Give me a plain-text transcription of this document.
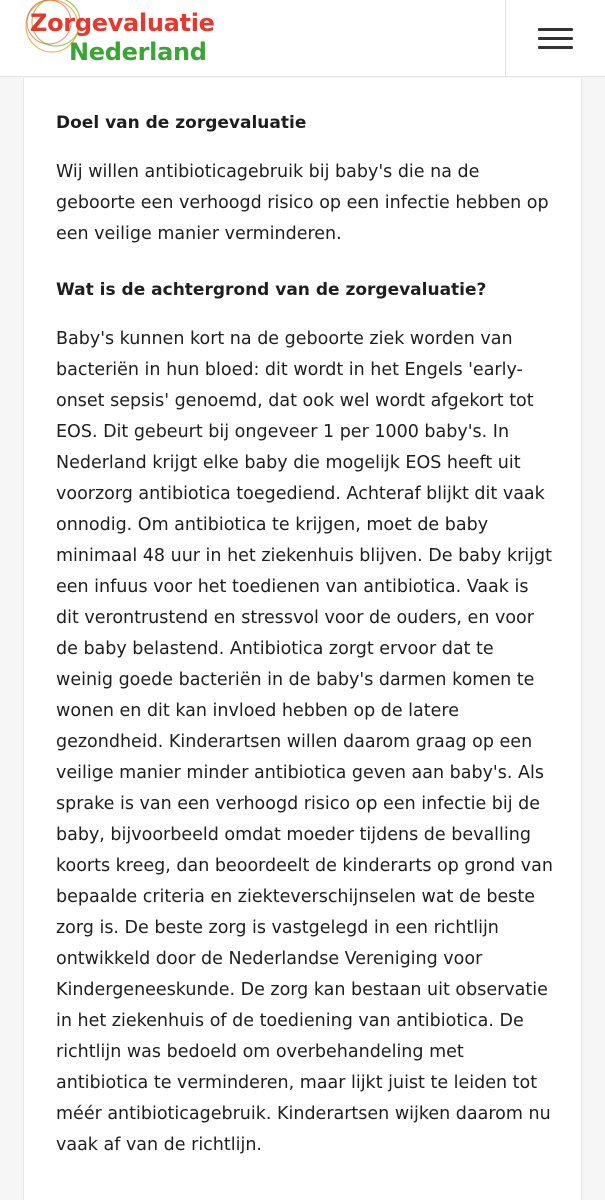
Zorgevaluatie
Nederland
Doel van de zorgevaluatie

Wij willen antibioticagebruik bij baby's die na de geboorte een verhoogd risico op een infectie hebben op een veilige manier verminderen.

Wat is de achtergrond van de zorgevaluatie?

Baby's kunnen kort na de geboorte ziek worden van bacteriën in hun bloed: dit wordt in het Engels 'early-onset sepsis' genoemd, dat ook wel wordt afgekort tot EOS. Dit gebeurt bij ongeveer 1 per 1000 baby's. In Nederland krijgt elke baby die mogelijk EOS heeft uit voorzorg antibiotica toegediend. Achteraf blijkt dit vaak onnodig. Om antibiotica te krijgen, moet de baby minimaal 48 uur in het ziekenhuis blijven. De baby krijgt een infuus voor het toedienen van antibiotica. Vaak is dit verontrustend en stressvol voor de ouders, en voor de baby belastend. Antibiotica zorgt ervoor dat te weinig goede bacteriën in de baby's darmen komen te wonen en dit kan invloed hebben op de latere gezondheid. Kinderartsen willen daarom graag op een veilige manier minder antibiotica geven aan baby's. Als sprake is van een verhoogd risico op een infectie bij de baby, bijvoorbeeld omdat moeder tijdens de bevalling koorts kreeg, dan beoordeelt de kinderarts op grond van bepaalde criteria en ziekteverschijnselen wat de beste zorg is. De beste zorg is vastgelegd in een richtlijn ontwikkeld door de Nederlandse Vereniging voor Kindergeneeskunde. De zorg kan bestaan uit observatie in het ziekenhuis of de toediening van antibiotica. De richtlijn was bedoeld om overbehandeling met antibiotica te verminderen, maar lijkt juist te leiden tot méér antibioticagebruik. Kinderartsen wijken daarom nu vaak af van de richtlijn.
